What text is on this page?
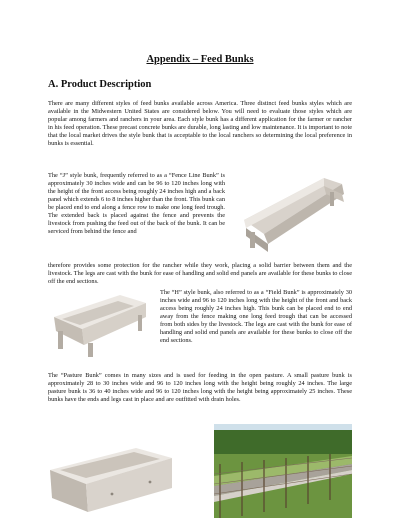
Appendix – Feed Bunks
A. Product Description

There are many different styles of feed bunks available across America. Three distinct feed bunks styles which are available in the Midwestern United States are considered below. You will need to evaluate those styles which are popular among farmers and ranchers in your area. Each style bunk has a different application for the farmer or rancher in his feed operation. These precast concrete bunks are durable, long lasting and low maintenance. It is important to note that the local market drives the style bunk that is acceptable to the local ranchers so determining the local preference in bunks is essential.

The “J” style bunk, frequently referred to as a “Fence Line Bunk” is approximately 30 inches wide and can be 96 to 120 inches long with the height of the front access being roughly 24 inches high and a back panel which extends 6 to 8 inches higher than the front. This bunk can be placed end to end along a fence row to make one long feed trough. The extended back is placed against the fence and prevents the livestock from pushing the feed out of the back of the bunk. It can be serviced from behind the fence and

therefore provides some protection for the rancher while they work, placing a solid barrier between them and the livestock. The legs are cast with the bunk for ease of handling and solid end panels are available for these bunks to close off the end sections.

The “H” style bunk, also referred to as a “Field Bunk” is approximately 30 inches wide and 96 to 120 inches long with the height of the front and back access being roughly 24 inches high. This bunk can be placed end to end away from the fence making one long feed trough that can be accessed from both sides by the livestock. The legs are cast with the bunk for ease of handling and solid end panels are available for these bunks to close off the end sections.

The “Pasture Bunk” comes in many sizes and is used for feeding in the open pasture. A small pasture bunk is approximately 28 to 30 inches wide and 96 to 120 inches long with the height being roughly 24 inches. The large pasture bunk is 36 to 40 inches wide and 96 to 120 inches long with the height being approximately 25 inches. These bunks have the ends and legs cast in place and are outfitted with drain holes.
